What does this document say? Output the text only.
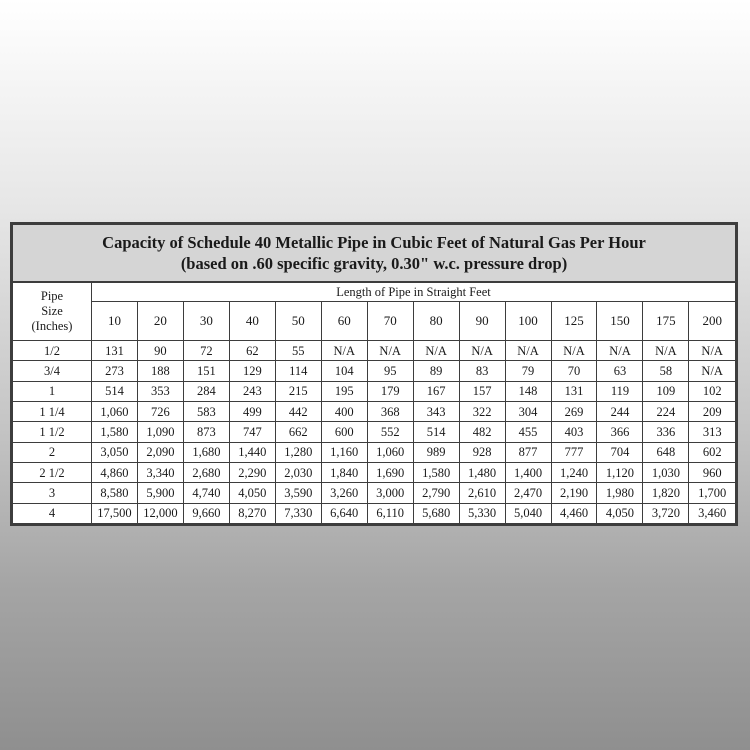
Capacity of Schedule 40 Metallic Pipe in Cubic Feet of Natural Gas Per Hour
(based on .60 specific gravity, 0.30" w.c. pressure drop)
Pipe
Size
(Inches)	Length of Pipe in Straight Feet													
	10	20	30	40	50	60	70	80	90	100	125	150	175	200
1/2	131	90	72	62	55	N/A	N/A	N/A	N/A	N/A	N/A	N/A	N/A	N/A
3/4	273	188	151	129	114	104	95	89	83	79	70	63	58	N/A
1	514	353	284	243	215	195	179	167	157	148	131	119	109	102
1 1/4	1,060	726	583	499	442	400	368	343	322	304	269	244	224	209
1 1/2	1,580	1,090	873	747	662	600	552	514	482	455	403	366	336	313
2	3,050	2,090	1,680	1,440	1,280	1,160	1,060	989	928	877	777	704	648	602
2 1/2	4,860	3,340	2,680	2,290	2,030	1,840	1,690	1,580	1,480	1,400	1,240	1,120	1,030	960
3	8,580	5,900	4,740	4,050	3,590	3,260	3,000	2,790	2,610	2,470	2,190	1,980	1,820	1,700
4	17,500	12,000	9,660	8,270	7,330	6,640	6,110	5,680	5,330	5,040	4,460	4,050	3,720	3,460
